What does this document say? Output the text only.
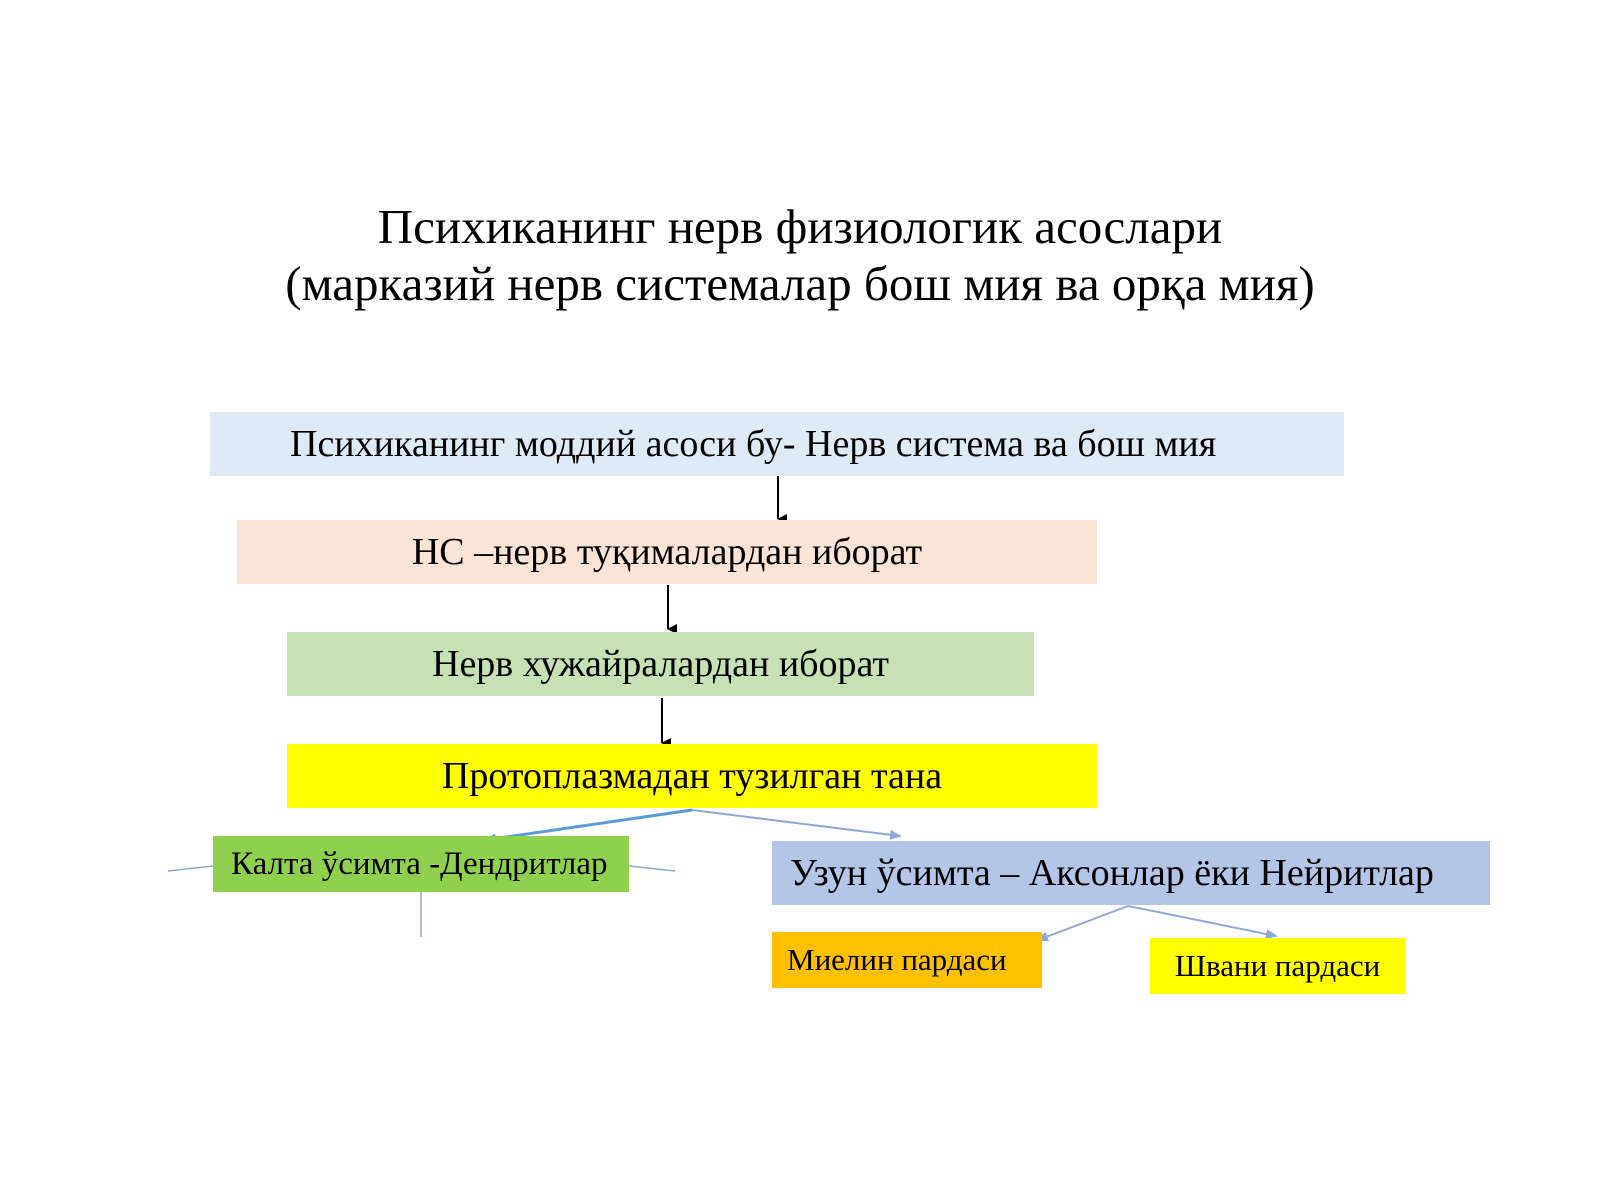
Психиканинг нерв физиологик асослари
(марказий нерв системалар бош мия ва орқа мия)
Психиканинг моддий асоси бу- Нерв система ва бош мия
НС –нерв туқималардан иборат
Нерв хужайралардан иборат
Протоплазмадан тузилган тана
Калта ўсимта -Дендритлар	Узун ўсимта – Аксонлар ёки Нейритлар
Миелин пардаси	Швани пардаси
